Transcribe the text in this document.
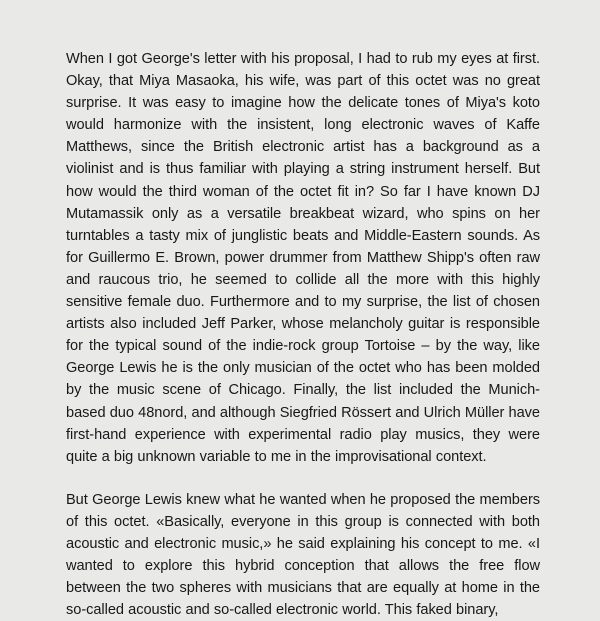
When I got George's letter with his proposal, I had to rub my eyes at first. Okay, that Miya Masaoka, his wife, was part of this octet was no great surprise. It was easy to imagine how the delicate tones of Miya's koto would harmonize with the insistent, long electronic waves of Kaffe Matthews, since the British electronic artist has a background as a violinist and is thus familiar with playing a string instrument herself. But how would the third woman of the octet fit in? So far I have known DJ Mutamassik only as a versatile breakbeat wizard, who spins on her turntables a tasty mix of junglistic beats and Middle-Eastern sounds. As for Guillermo E. Brown, power drummer from Matthew Shipp's often raw and raucous trio, he seemed to collide all the more with this highly sensitive female duo. Furthermore and to my surprise, the list of chosen artists also included Jeff Parker, whose melancholy guitar is responsible for the typical sound of the indie-rock group Tortoise – by the way, like George Lewis he is the only musician of the octet who has been molded by the music scene of Chicago. Finally, the list included the Munich-based duo 48nord, and although Siegfried Rössert and Ulrich Müller have first-hand experience with experimental radio play musics, they were quite a big unknown variable to me in the improvisational context.

But George Lewis knew what he wanted when he proposed the members of this octet. «Basically, everyone in this group is connected with both acoustic and electronic music,» he said explaining his concept to me. «I wanted to explore this hybrid conception that allows the free flow between the two spheres with musicians that are equally at home in the so-called acoustic and so-called electronic world. This faked binary,
